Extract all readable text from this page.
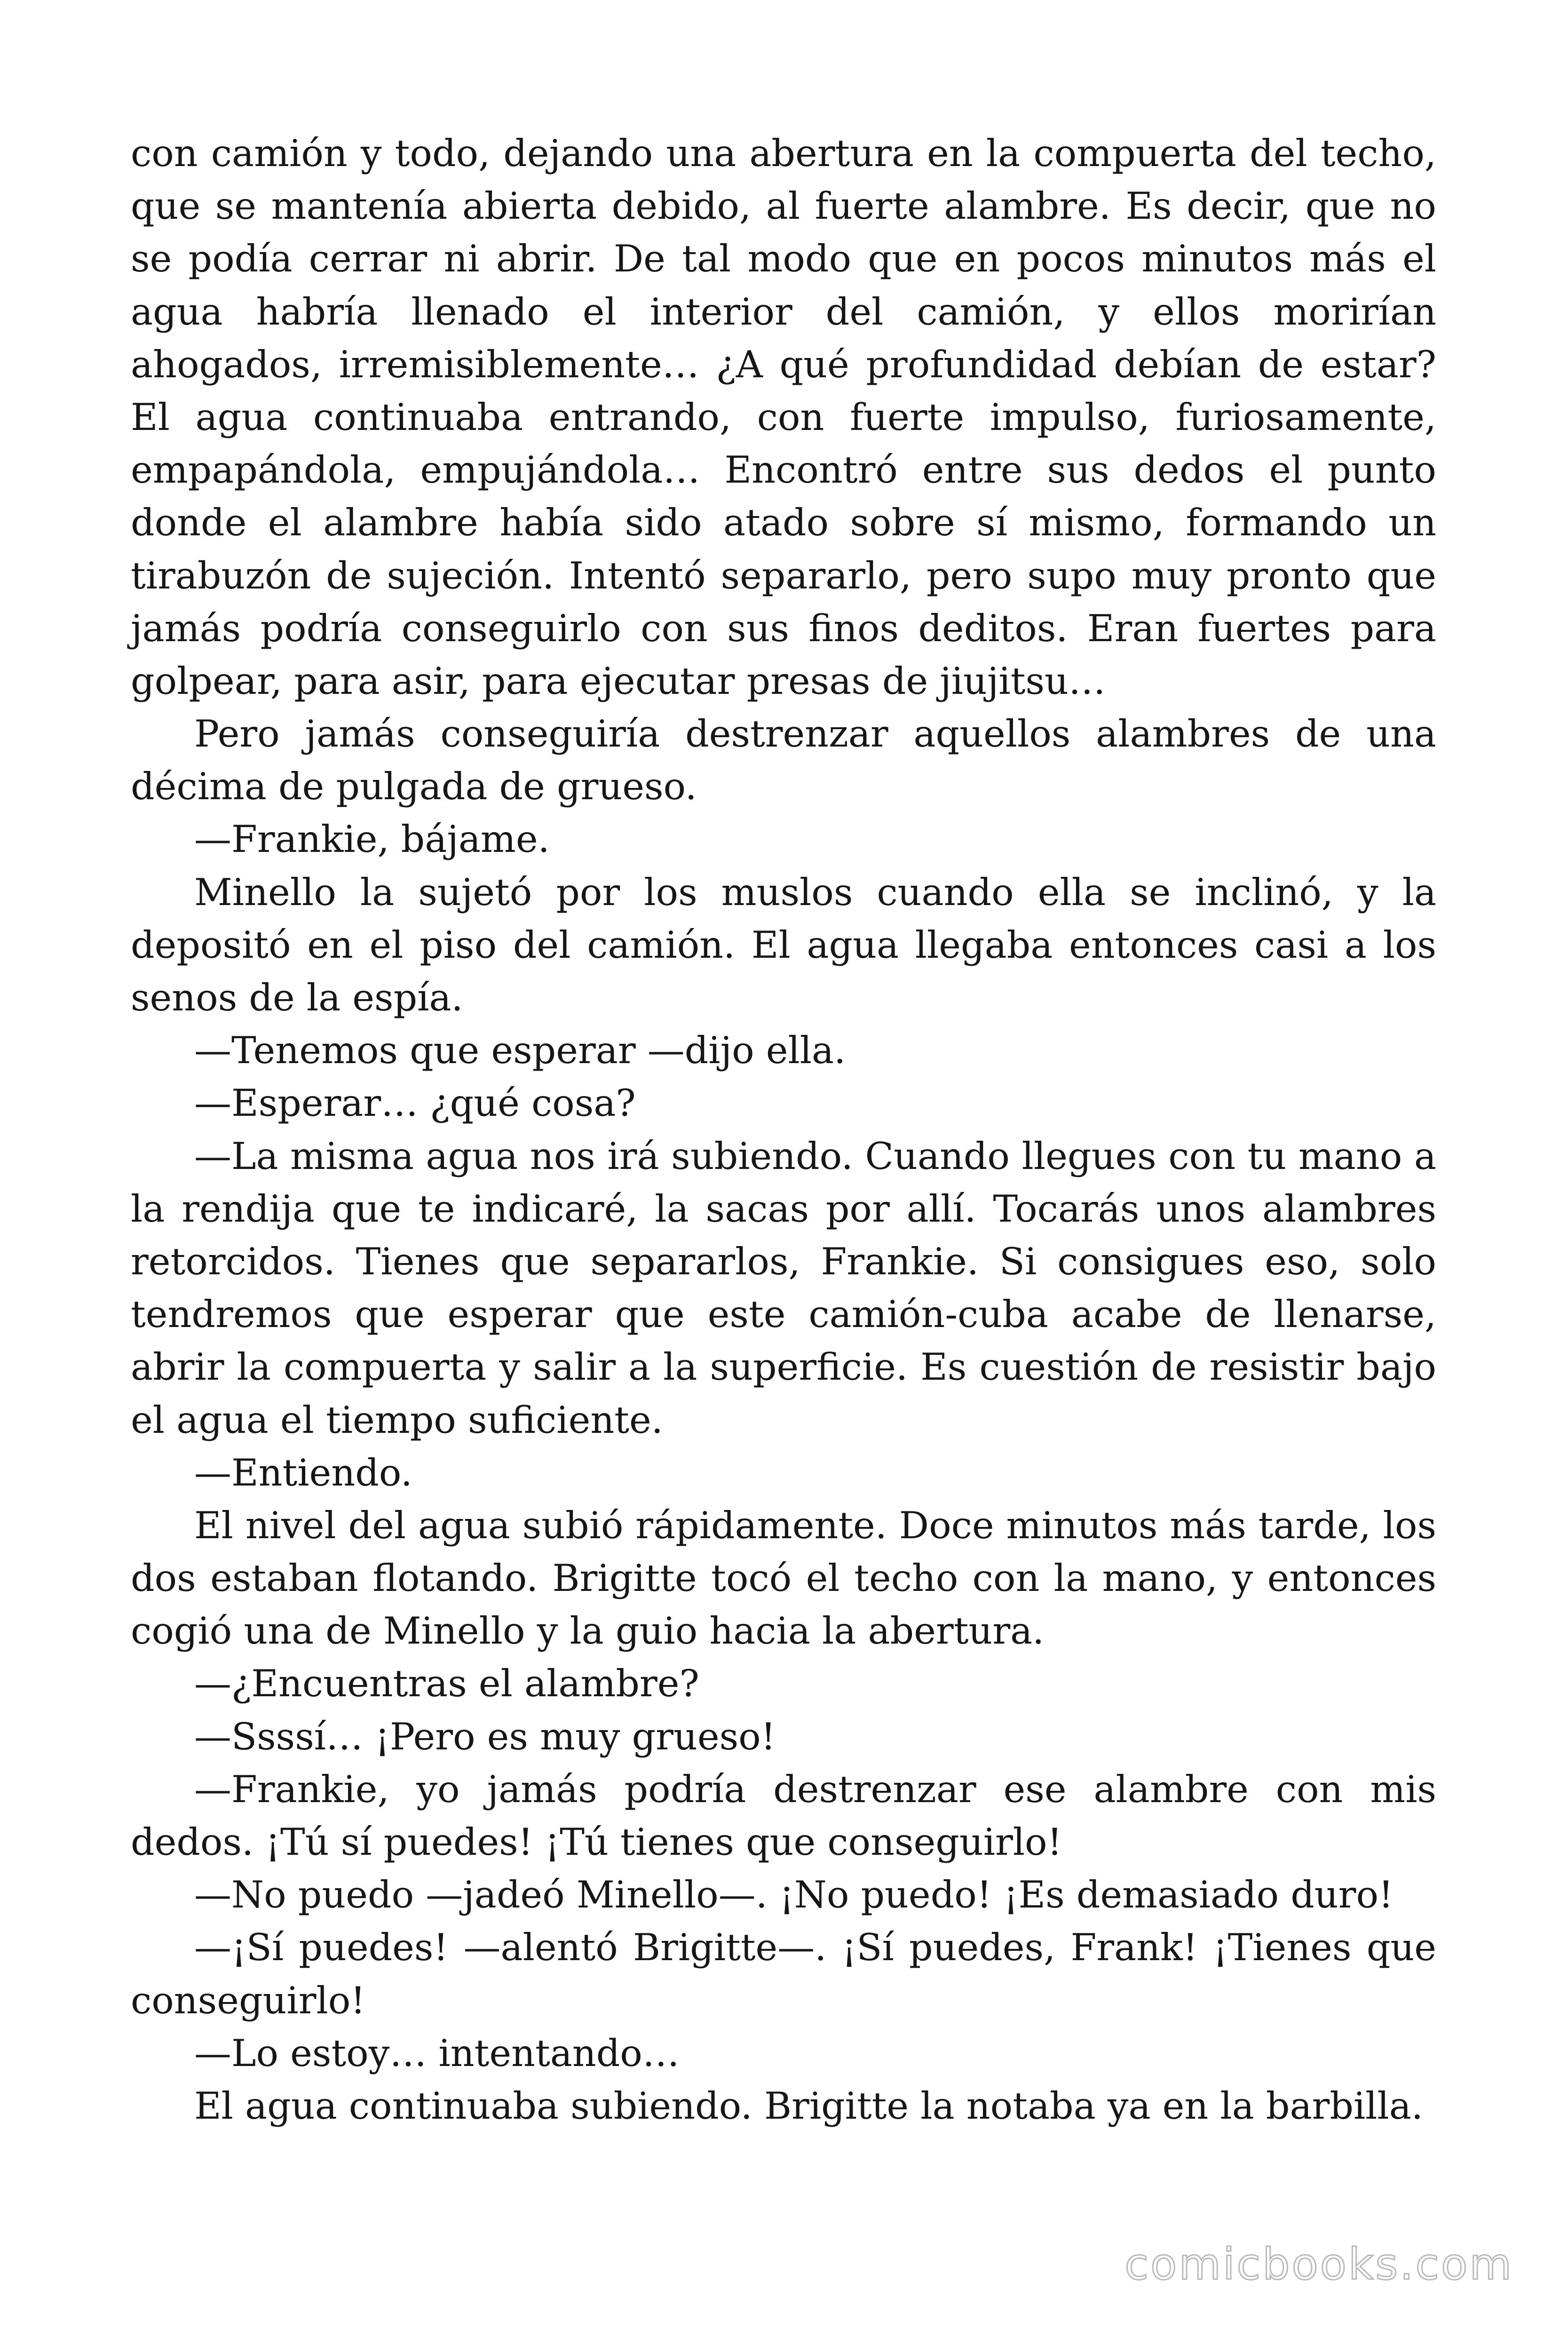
con camión y todo, dejando una abertura en la compuerta del techo, que se mantenía abierta debido, al fuerte alambre. Es decir, que no se podía cerrar ni abrir. De tal modo que en pocos minutos más el agua habría llenado el interior del camión, y ellos morirían ahogados, irremisiblemente… ¿A qué profundidad debían de estar? El agua continuaba entrando, con fuerte impulso, furiosamente, empapándola, empujándola… Encontró entre sus dedos el punto donde el alambre había sido atado sobre sí mismo, formando un tirabuzón de sujeción. Intentó separarlo, pero supo muy pronto que jamás podría conseguirlo con sus finos deditos. Eran fuertes para golpear, para asir, para ejecutar presas de jiujitsu…

Pero jamás conseguiría destrenzar aquellos alambres de una décima de pulgada de grueso.

—Frankie, bájame.

Minello la sujetó por los muslos cuando ella se inclinó, y la depositó en el piso del camión. El agua llegaba entonces casi a los senos de la espía.

—Tenemos que esperar —dijo ella.

—Esperar… ¿qué cosa?

—La misma agua nos irá subiendo. Cuando llegues con tu mano a la rendija que te indicaré, la sacas por allí. Tocarás unos alambres retorcidos. Tienes que separarlos, Frankie. Si consigues eso, solo tendremos que esperar que este camión-cuba acabe de llenarse, abrir la compuerta y salir a la superficie. Es cuestión de resistir bajo el agua el tiempo suficiente.

—Entiendo.

El nivel del agua subió rápidamente. Doce minutos más tarde, los dos estaban flotando. Brigitte tocó el techo con la mano, y entonces cogió una de Minello y la guio hacia la abertura.

—¿Encuentras el alambre?

—Ssssí… ¡Pero es muy grueso!

—Frankie, yo jamás podría destrenzar ese alambre con mis dedos. ¡Tú sí puedes! ¡Tú tienes que conseguirlo!

—No puedo —jadeó Minello—. ¡No puedo! ¡Es demasiado duro!

—¡Sí puedes! —alentó Brigitte—. ¡Sí puedes, Frank! ¡Tienes que conseguirlo!

—Lo estoy… intentando…

El agua continuaba subiendo. Brigitte la notaba ya en la barbilla.

comicbooks.com
